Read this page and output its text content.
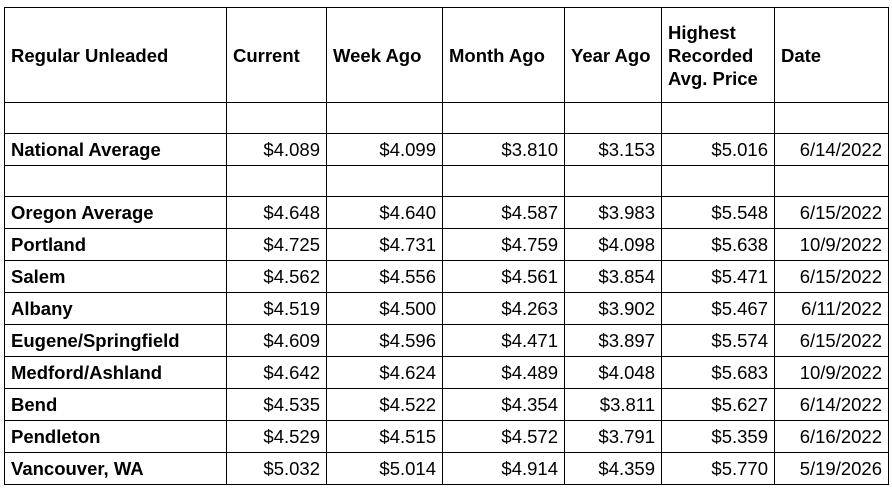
Regular Unleaded	Current	Week Ago	Month Ago	Year Ago	Highest Recorded Avg. Price	Date

National Average	$4.089	$4.099	$3.810	$3.153	$5.016	6/14/2022

Oregon Average	$4.648	$4.640	$4.587	$3.983	$5.548	6/15/2022
Portland	$4.725	$4.731	$4.759	$4.098	$5.638	10/9/2022
Salem	$4.562	$4.556	$4.561	$3.854	$5.471	6/15/2022
Albany	$4.519	$4.500	$4.263	$3.902	$5.467	6/11/2022
Eugene/Springfield	$4.609	$4.596	$4.471	$3.897	$5.574	6/15/2022
Medford/Ashland	$4.642	$4.624	$4.489	$4.048	$5.683	10/9/2022
Bend	$4.535	$4.522	$4.354	$3.811	$5.627	6/14/2022
Pendleton	$4.529	$4.515	$4.572	$3.791	$5.359	6/16/2022
Vancouver, WA	$5.032	$5.014	$4.914	$4.359	$5.770	5/19/2026
